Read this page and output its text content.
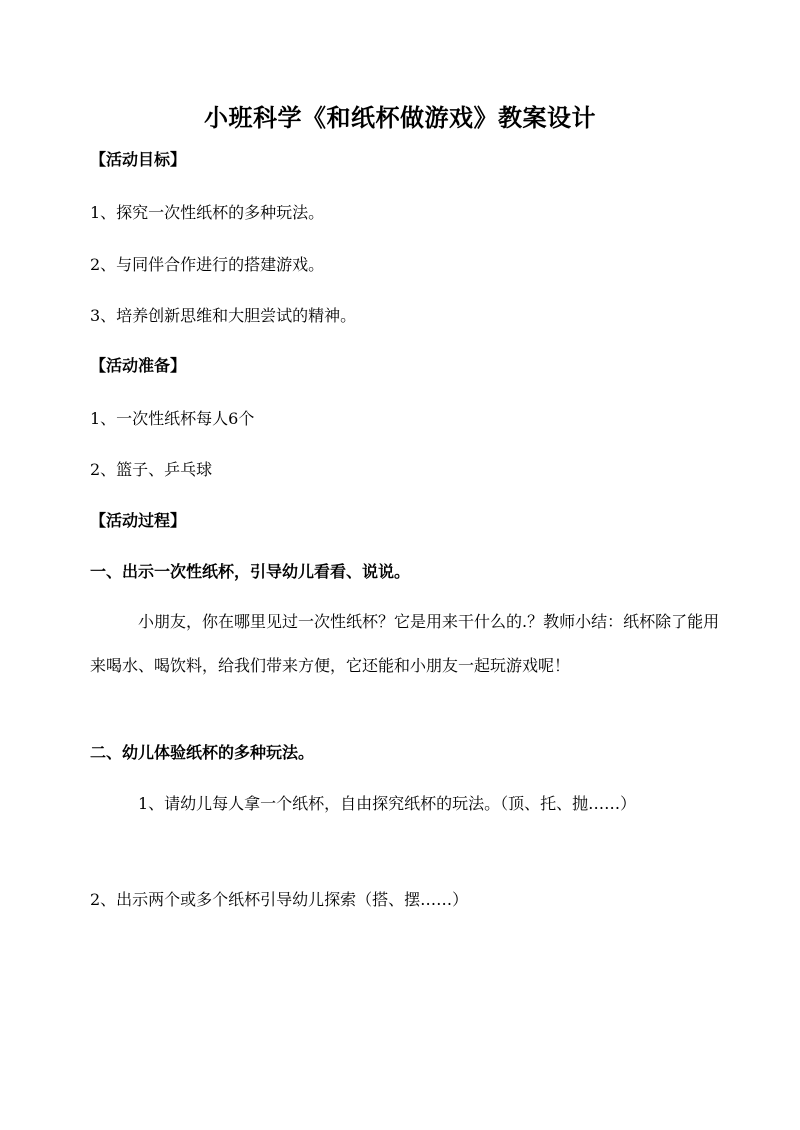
小班科学《和纸杯做游戏》教案设计
【活动目标】
1、探究一次性纸杯的多种玩法。
2、与同伴合作进行的搭建游戏。
3、培养创新思维和大胆尝试的精神。
【活动准备】
1、一次性纸杯每人6个
2、篮子、乒乓球
【活动过程】
一、出示一次性纸杯，引导幼儿看看、说说。
小朋友，你在哪里见过一次性纸杯？它是用来干什么的.？教师小结：纸杯除了能用来喝水、喝饮料，给我们带来方便，它还能和小朋友一起玩游戏呢！
二、幼儿体验纸杯的多种玩法。
1、请幼儿每人拿一个纸杯，自由探究纸杯的玩法。（顶、托、抛……）
2、出示两个或多个纸杯引导幼儿探索（搭、摆……）
